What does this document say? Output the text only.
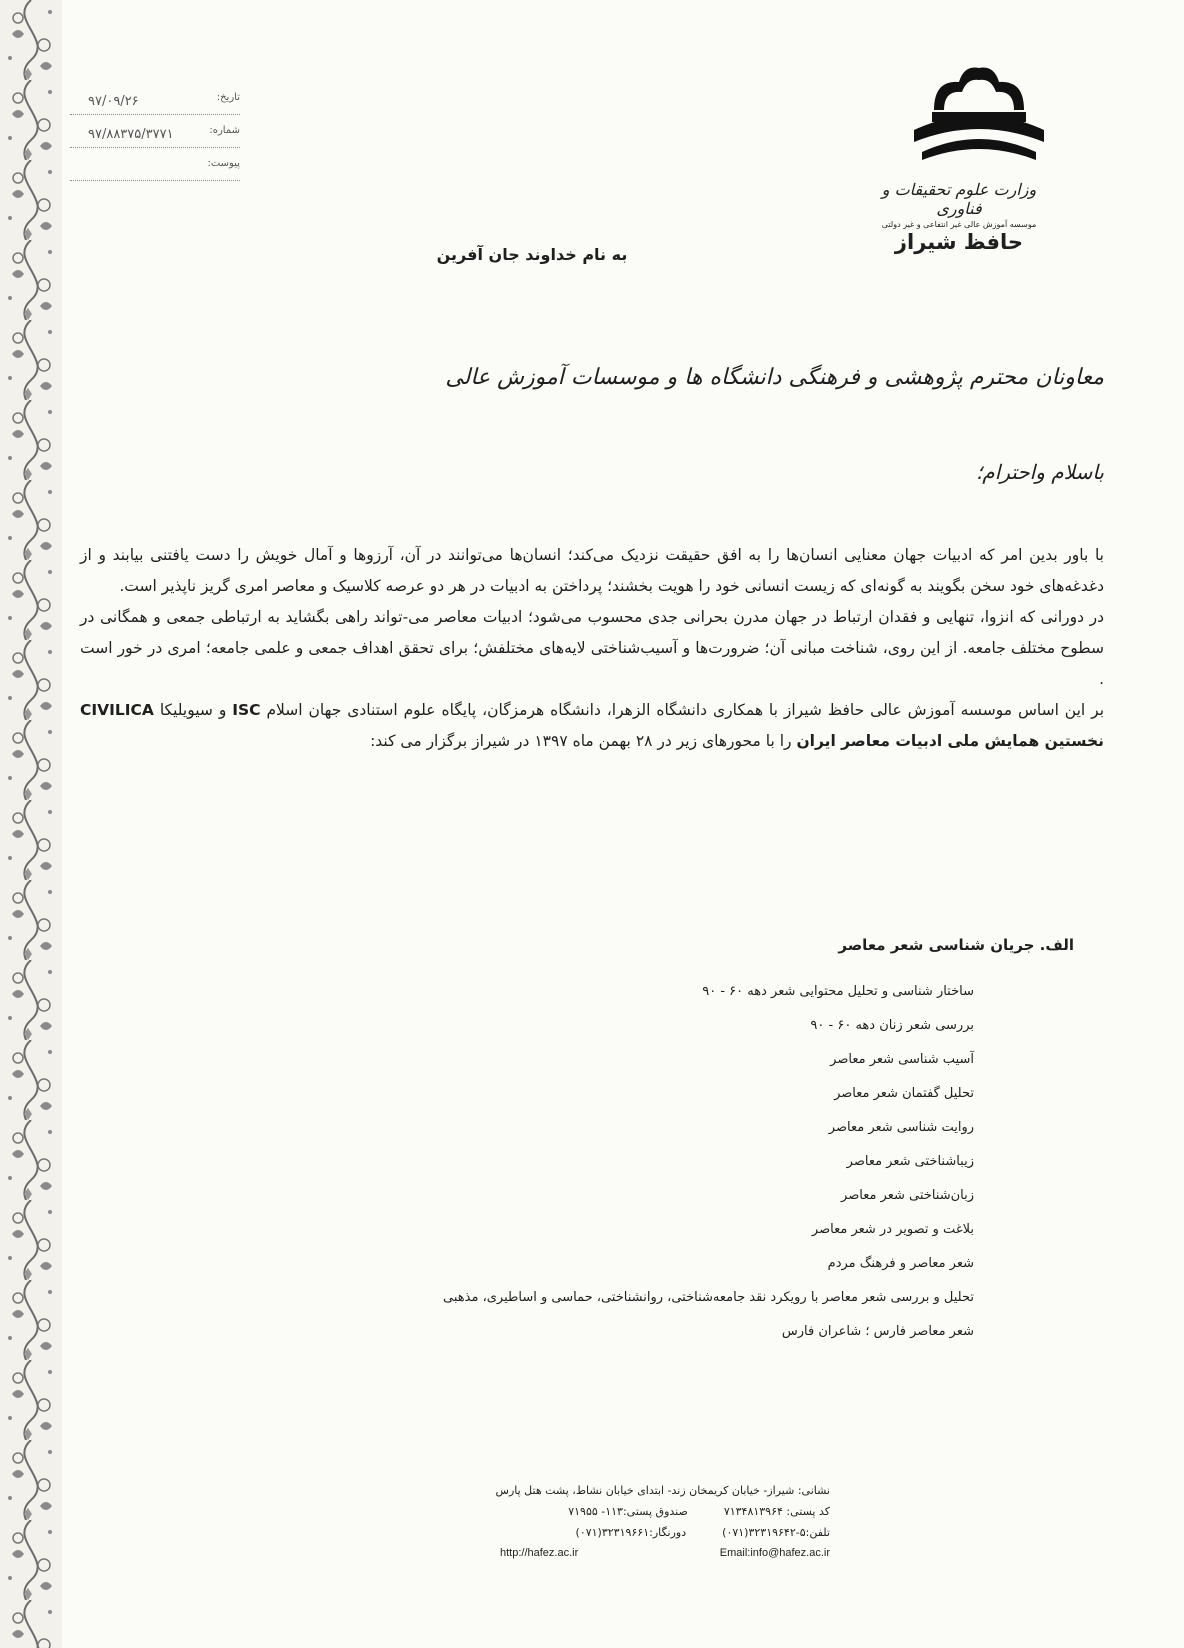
تاریخ:
۹۷/۰۹/۲۶
شماره:
۹۷/۸۸۳۷۵/۳۷۷۱
پیوست:
وزارت علوم تحقیقات و فناوری
موسسه آموزش عالی غیر انتفاعی و غیر دولتی
حافظ شیراز
به نام خداوند جان آفرین
معاونان محترم پژوهشی و فرهنگی دانشگاه ها و موسسات آموزش عالی
باسلام واحترام؛

با باور بدین امر که ادبیات جهان معنایی انسان‌ها را به افق حقیقت نزدیک می‌کند؛ انسان‌ها می‌توانند در آن، آرزوها و آمال خویش را دست یافتنی بیابند و از دغدغه‌های خود سخن بگویند به گونه‌ای که زیست انسانی خود را هویت بخشند؛ پرداختن به ادبیات در هر دو عرصه کلاسیک و معاصر امری گریز ناپذیر است.

در دورانی که انزوا، تنهایی و فقدان ارتباط در جهان مدرن بحرانی جدی محسوب می‌شود؛ ادبیات معاصر می-تواند راهی بگشاید به ارتباطی جمعی و همگانی در سطوح مختلف جامعه. از این روی، شناخت مبانی آن؛ ضرورت‌ها و آسیب‌شناختی لایه‌های مختلفش؛ برای تحقق اهداف جمعی و علمی جامعه؛ امری در خور است .

بر این اساس موسسه آموزش عالی حافظ شیراز با همکاری دانشگاه الزهرا، دانشگاه هرمزگان، پایگاه علوم استنادی جهان اسلام ISC و سیویلیکا CIVILICA نخستین همایش ملی ادبیات معاصر ایران را با محورهای زیر در ۲۸ بهمن ماه ۱۳۹۷ در شیراز برگزار می کند:

الف. جریان شناسی شعر معاصر
ساختار شناسی و تحلیل محتوایی شعر دهه ۶۰ - ۹۰
بررسی شعر زنان دهه ۶۰ - ۹۰
آسیب شناسی شعر معاصر
تحلیل گفتمان شعر معاصر
روایت شناسی شعر معاصر
زیباشناختی شعر معاصر
زبان‌شناختی شعر معاصر
بلاغت و تصویر در شعر معاصر
شعر معاصر و فرهنگ مردم
تحلیل و بررسی شعر معاصر با رویکرد نقد جامعه‌شناختی، روانشناختی، حماسی و اساطیری، مذهبی
شعر معاصر فارس ؛ شاعران فارس
نشانی: شیراز- خیابان کریمخان زند- ابتدای خیابان نشاط، پشت هتل پارس
کد پستی: ۷۱۳۴۸۱۳۹۶۴
صندوق پستی:۱۱۳- ۷۱۹۵۵
تلفن:۵-۳۲۳۱۹۶۴۲(۰۷۱)
دورنگار:۳۲۳۱۹۶۶۱(۰۷۱)
http://hafez.ac.ir	Email:info@hafez.ac.ir
